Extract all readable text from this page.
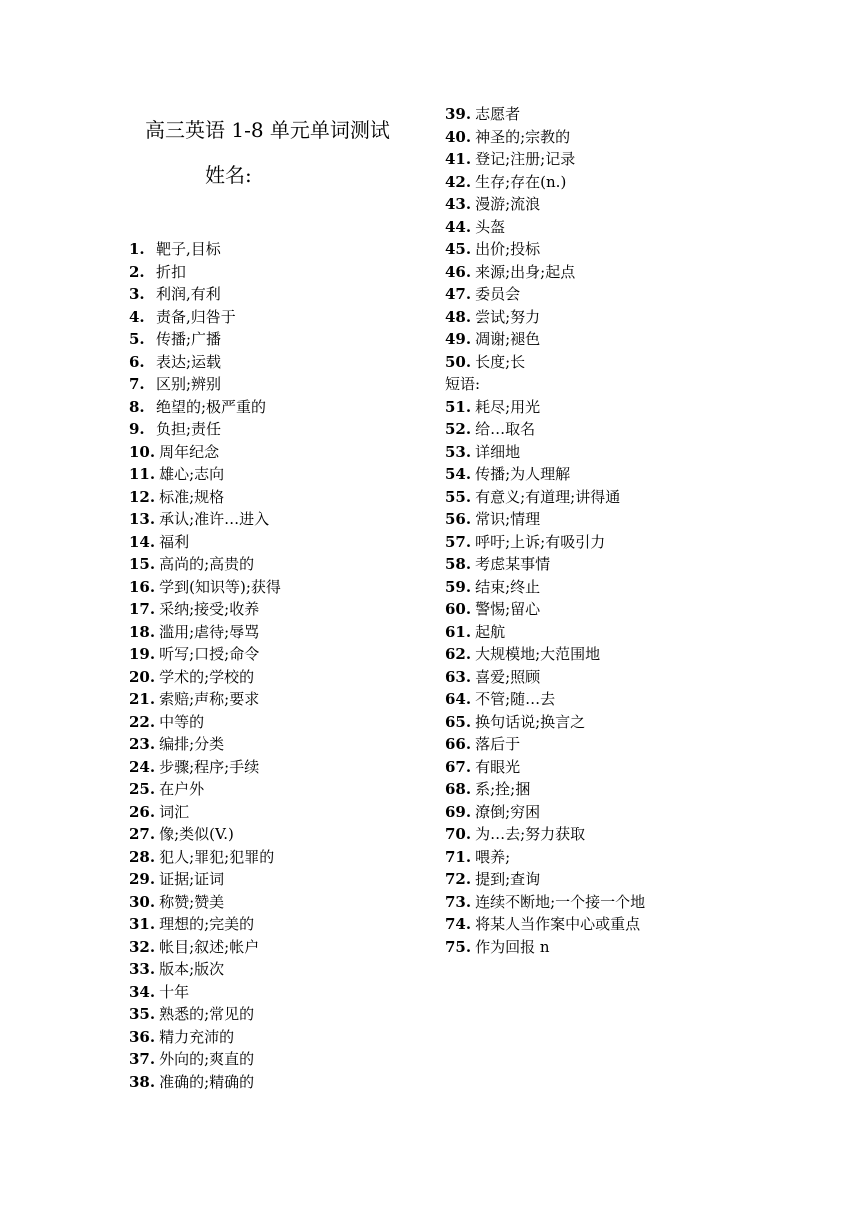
高三英语 1-8 单元单词测试
姓名:
1. 靶子,目标
2. 折扣
3. 利润,有利
4. 责备,归咎于
5. 传播;广播
6. 表达;运载
7. 区别;辨别
8. 绝望的;极严重的
9. 负担;责任
10. 周年纪念
11. 雄心;志向
12. 标准;规格
13. 承认;准许…进入
14. 福利
15. 高尚的;高贵的
16. 学到(知识等);获得
17. 采纳;接受;收养
18. 滥用;虐待;辱骂
19. 听写;口授;命令
20. 学术的;学校的
21. 索赔;声称;要求
22. 中等的
23. 编排;分类
24. 步骤;程序;手续
25. 在户外
26. 词汇
27. 像;类似(V.)
28. 犯人;罪犯;犯罪的
29. 证据;证词
30. 称赞;赞美
31. 理想的;完美的
32. 帐目;叙述;帐户
33. 版本;版次
34. 十年
35. 熟悉的;常见的
36. 精力充沛的
37. 外向的;爽直的
38. 准确的;精确的
39. 志愿者
40. 神圣的;宗教的
41. 登记;注册;记录
42. 生存;存在(n.)
43. 漫游;流浪
44. 头盔
45. 出价;投标
46. 来源;出身;起点
47. 委员会
48. 尝试;努力
49. 凋谢;褪色
50. 长度;长
短语:
51. 耗尽;用光
52. 给…取名
53. 详细地
54. 传播;为人理解
55. 有意义;有道理;讲得通
56. 常识;情理
57. 呼吁;上诉;有吸引力
58. 考虑某事情
59. 结束;终止
60. 警惕;留心
61. 起航
62. 大规模地;大范围地
63. 喜爱;照顾
64. 不管;随…去
65. 换句话说;换言之
66. 落后于
67. 有眼光
68. 系;拴;捆
69. 潦倒;穷困
70. 为…去;努力获取
71. 喂养;
72. 提到;查询
73. 连续不断地;一个接一个地
74. 将某人当作案中心或重点
75. 作为回报 n
